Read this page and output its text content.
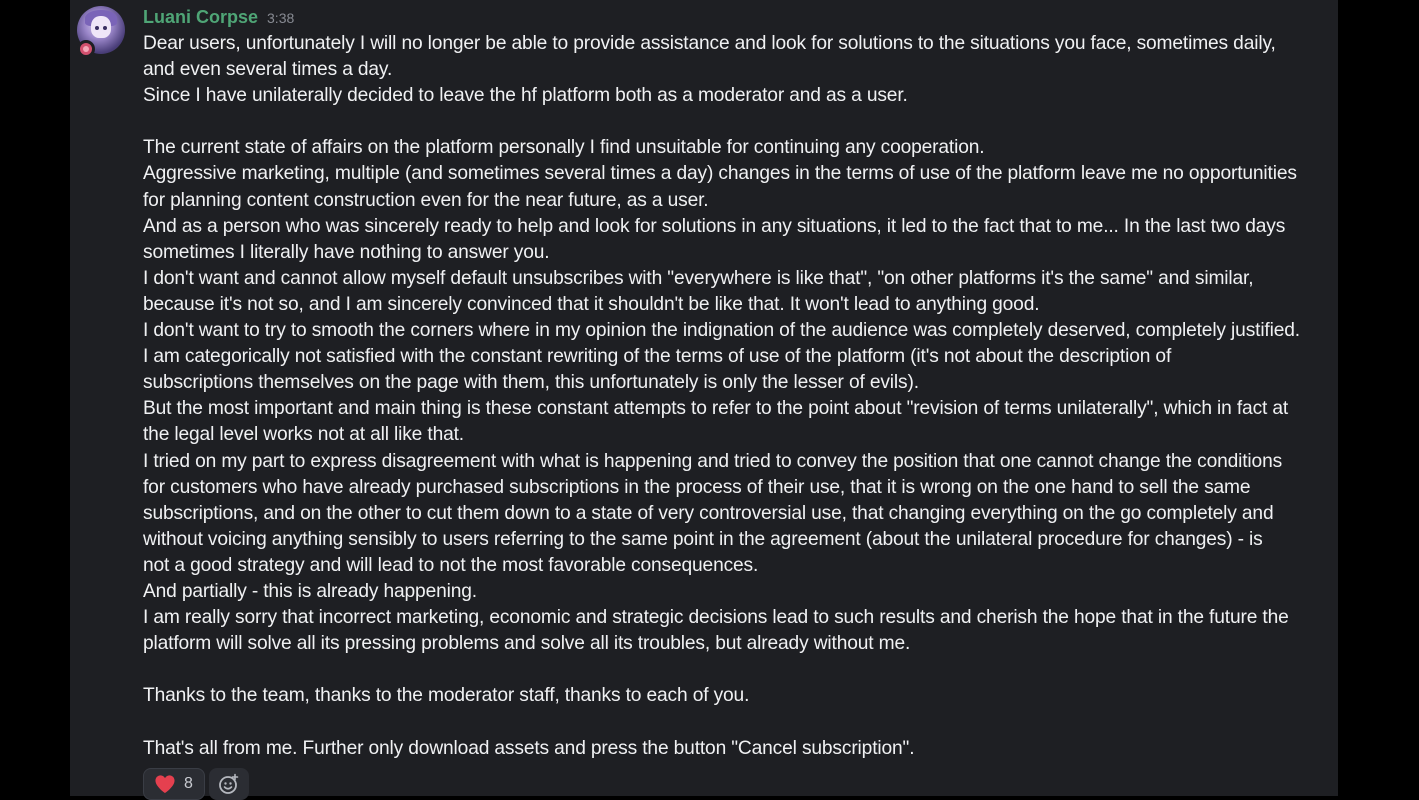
Luani Corpse 3:38
Dear users, unfortunately I will no longer be able to provide assistance and look for solutions to the situations you face, sometimes daily,
and even several times a day.
Since I have unilaterally decided to leave the hf platform both as a moderator and as a user.
The current state of affairs on the platform personally I find unsuitable for continuing any cooperation.
Aggressive marketing, multiple (and sometimes several times a day) changes in the terms of use of the platform leave me no opportunities
for planning content construction even for the near future, as a user.
And as a person who was sincerely ready to help and look for solutions in any situations, it led to the fact that to me... In the last two days
sometimes I literally have nothing to answer you.
I don't want and cannot allow myself default unsubscribes with "everywhere is like that", "on other platforms it's the same" and similar,
because it's not so, and I am sincerely convinced that it shouldn't be like that. It won't lead to anything good.
I don't want to try to smooth the corners where in my opinion the indignation of the audience was completely deserved, completely justified.
I am categorically not satisfied with the constant rewriting of the terms of use of the platform (it's not about the description of
subscriptions themselves on the page with them, this unfortunately is only the lesser of evils).
But the most important and main thing is these constant attempts to refer to the point about "revision of terms unilaterally", which in fact at
the legal level works not at all like that.
I tried on my part to express disagreement with what is happening and tried to convey the position that one cannot change the conditions
for customers who have already purchased subscriptions in the process of their use, that it is wrong on the one hand to sell the same
subscriptions, and on the other to cut them down to a state of very controversial use, that changing everything on the go completely and
without voicing anything sensibly to users referring to the same point in the agreement (about the unilateral procedure for changes) - is
not a good strategy and will lead to not the most favorable consequences.
And partially - this is already happening.
I am really sorry that incorrect marketing, economic and strategic decisions lead to such results and cherish the hope that in the future the
platform will solve all its pressing problems and solve all its troubles, but already without me.
Thanks to the team, thanks to the moderator staff, thanks to each of you.
That's all from me. Further only download assets and press the button "Cancel subscription".
8
